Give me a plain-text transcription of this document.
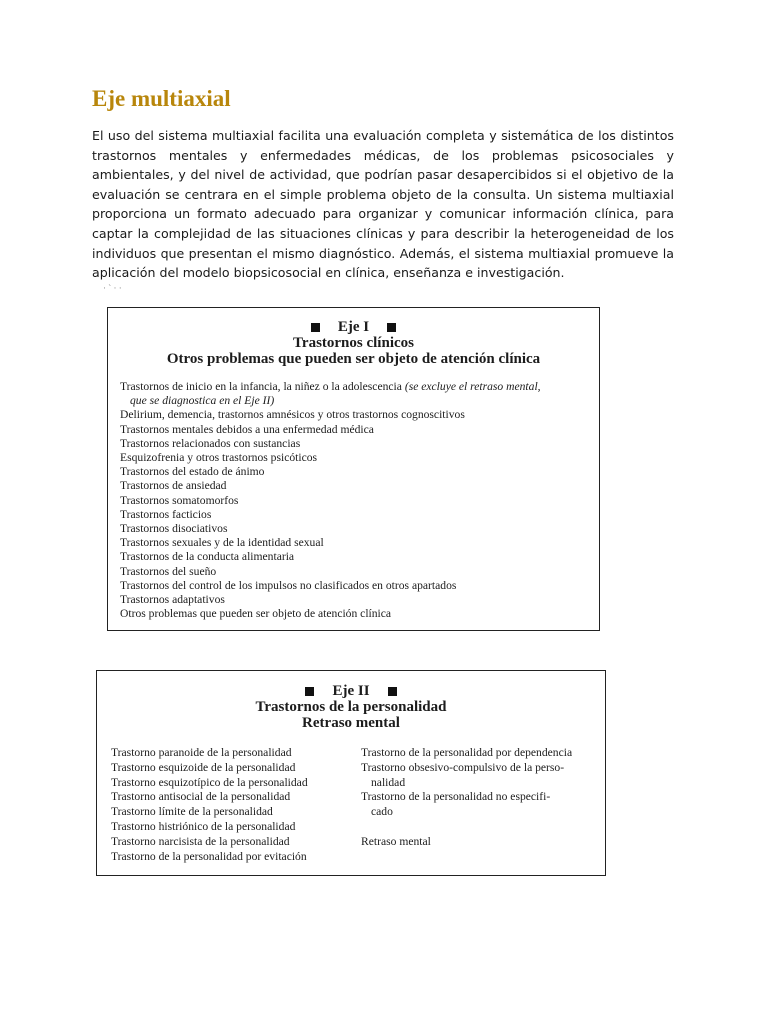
Eje multiaxial

El uso del sistema multiaxial facilita una evaluación completa y sistemática de los distintos trastornos mentales y enfermedades médicas, de los problemas psicosociales y ambientales, y del nivel de actividad, que podrían pasar desapercibidos si el objetivo de la evaluación se centrara en el simple problema objeto de la consulta. Un sistema multiaxial proporciona un formato adecuado para organizar y comunicar información clínica, para captar la complejidad de las situaciones clínicas y para describir la heterogeneidad de los individuos que presentan el mismo diagnóstico. Además, el sistema multiaxial promueve la aplicación del modelo biopsicosocial en clínica, enseñanza e investigación.

· ` · ·
Eje I
Trastornos clínicos
Otros problemas que pueden ser objeto de atención clínica
Trastornos de inicio en la infancia, la niñez o la adolescencia (se excluye el retraso mental,
que se diagnostica en el Eje II)
Delirium, demencia, trastornos amnésicos y otros trastornos cognoscitivos
Trastornos mentales debidos a una enfermedad médica
Trastornos relacionados con sustancias
Esquizofrenia y otros trastornos psicóticos
Trastornos del estado de ánimo
Trastornos de ansiedad
Trastornos somatomorfos
Trastornos facticios
Trastornos disociativos
Trastornos sexuales y de la identidad sexual
Trastornos de la conducta alimentaria
Trastornos del sueño
Trastornos del control de los impulsos no clasificados en otros apartados
Trastornos adaptativos
Otros problemas que pueden ser objeto de atención clínica
Eje II
Trastornos de la personalidad
Retraso mental
Trastorno paranoide de la personalidad
Trastorno esquizoide de la personalidad
Trastorno esquizotípico de la personalidad
Trastorno antisocial de la personalidad
Trastorno límite de la personalidad
Trastorno histriónico de la personalidad
Trastorno narcisista de la personalidad
Trastorno de la personalidad por evitación
Trastorno de la personalidad por dependencia
Trastorno obsesivo-compulsivo de la perso-
nalidad
Trastorno de la personalidad no especifi-
cado
Retraso mental
